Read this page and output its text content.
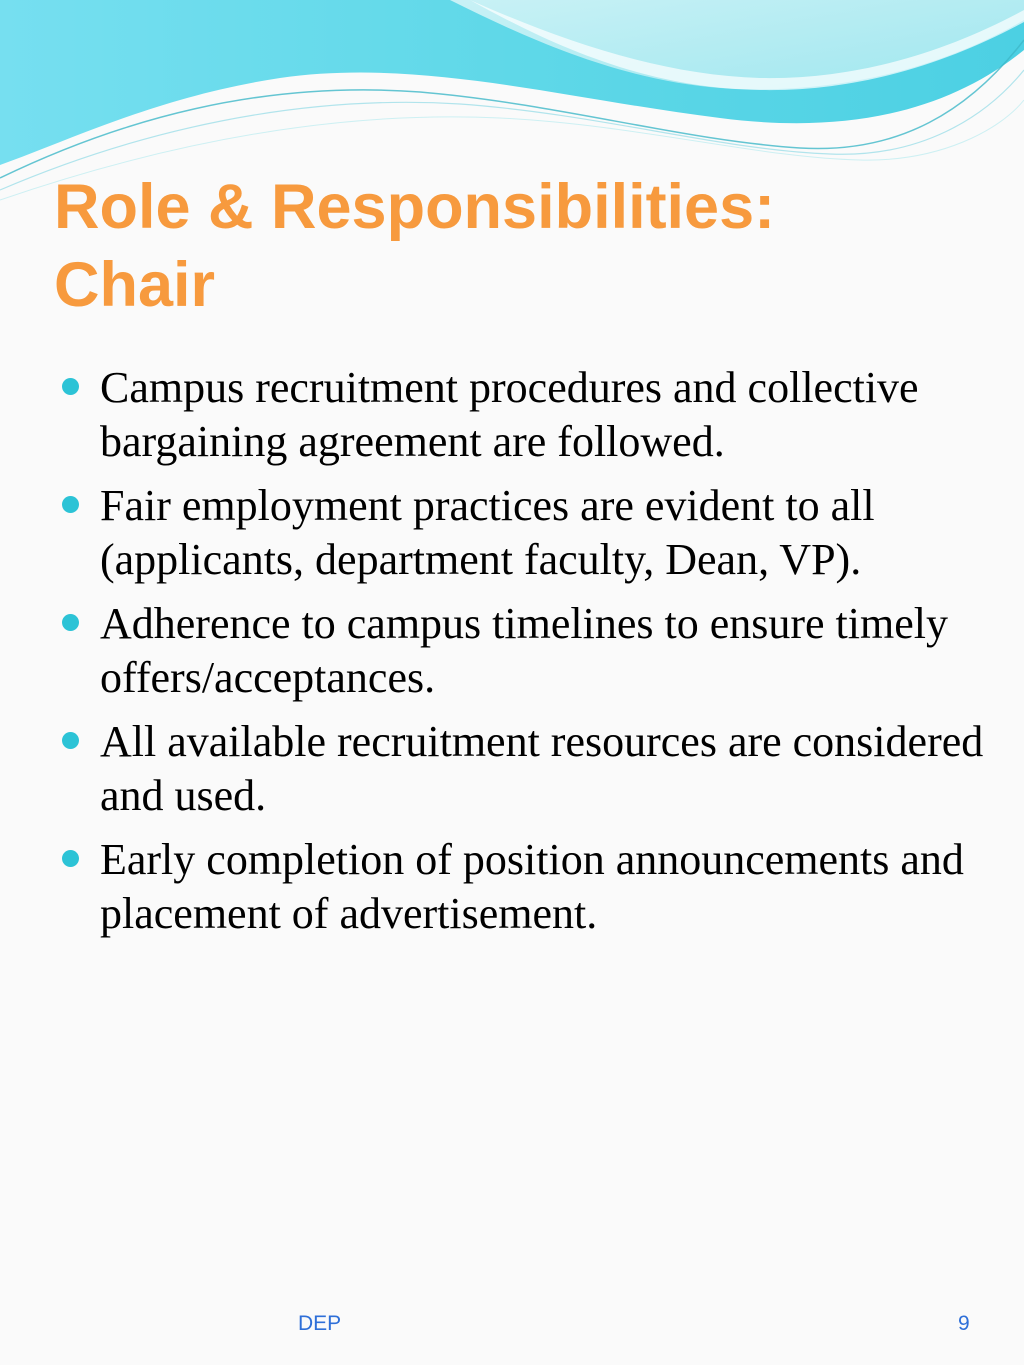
Role & Responsibilities:
Chair
Campus recruitment procedures and collective bargaining agreement are followed.
Fair employment practices are evident to all (applicants, department faculty, Dean, VP).
Adherence to campus timelines to ensure timely offers/acceptances.
All available recruitment resources are considered and used.
Early completion of position announcements and placement of advertisement.
DEP	9
